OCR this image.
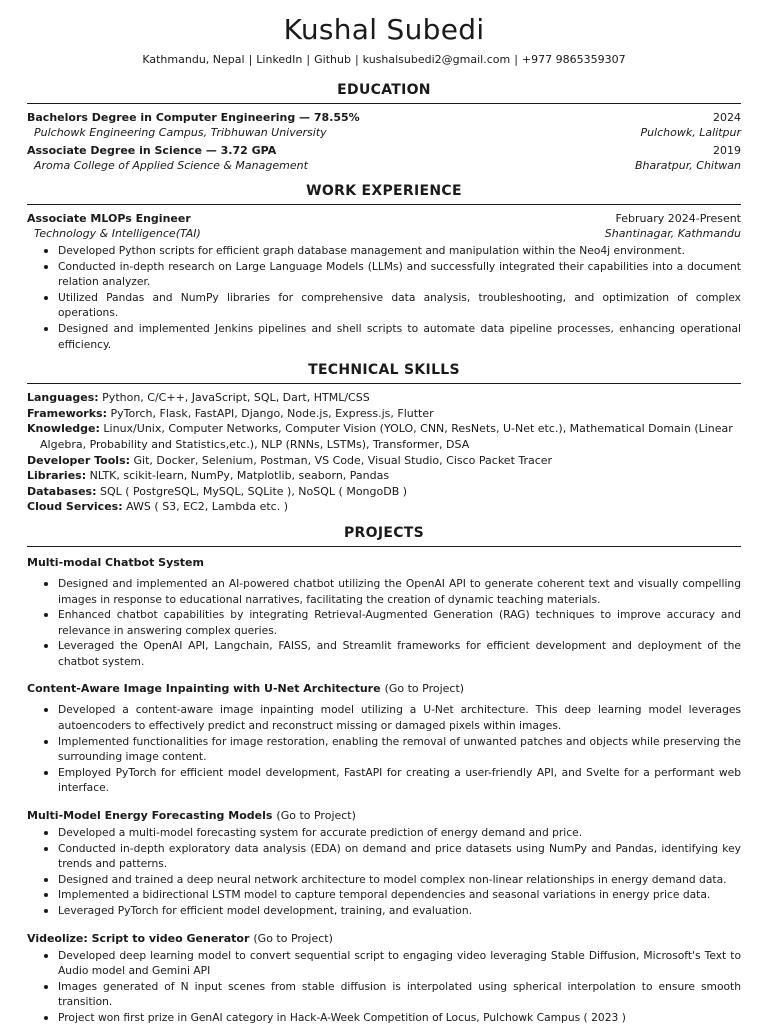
Kushal Subedi
Kathmandu, Nepal | LinkedIn | Github | kushalsubedi2@gmail.com | +977 9865359307
EDUCATION
Bachelors Degree in Computer Engineering — 78.55%	2024
Pulchowk Engineering Campus, Tribhuwan University	Pulchowk, Lalitpur
Associate Degree in Science — 3.72 GPA	2019
Aroma College of Applied Science & Management	Bharatpur, Chitwan
WORK EXPERIENCE
Associate MLOPs Engineer	February 2024-Present
Technology & Intelligence(TAI)	Shantinagar, Kathmandu
Developed Python scripts for efficient graph database management and manipulation within the Neo4j environment.
Conducted in-depth research on Large Language Models (LLMs) and successfully integrated their capabilities into a document relation analyzer.
Utilized Pandas and NumPy libraries for comprehensive data analysis, troubleshooting, and optimization of complex operations.
Designed and implemented Jenkins pipelines and shell scripts to automate data pipeline processes, enhancing operational efficiency.
TECHNICAL SKILLS
Languages: Python, C/C++, JavaScript, SQL, Dart, HTML/CSS
Frameworks: PyTorch, Flask, FastAPI, Django, Node.js, Express.js, Flutter
Knowledge: Linux/Unix, Computer Networks, Computer Vision (YOLO, CNN, ResNets, U-Net etc.), Mathematical Domain (Linear Algebra, Probability and Statistics,etc.), NLP (RNNs, LSTMs), Transformer, DSA
Developer Tools: Git, Docker, Selenium, Postman, VS Code, Visual Studio, Cisco Packet Tracer
Libraries: NLTK, scikit-learn, NumPy, Matplotlib, seaborn, Pandas
Databases: SQL ( PostgreSQL, MySQL, SQLite ), NoSQL ( MongoDB )
Cloud Services: AWS ( S3, EC2, Lambda etc. )
PROJECTS
Multi-modal Chatbot System
Designed and implemented an AI-powered chatbot utilizing the OpenAI API to generate coherent text and visually compelling images in response to educational narratives, facilitating the creation of dynamic teaching materials.
Enhanced chatbot capabilities by integrating Retrieval-Augmented Generation (RAG) techniques to improve accuracy and relevance in answering complex queries.
Leveraged the OpenAI API, Langchain, FAISS, and Streamlit frameworks for efficient development and deployment of the chatbot system.
Content-Aware Image Inpainting with U-Net Architecture (Go to Project)
Developed a content-aware image inpainting model utilizing a U-Net architecture. This deep learning model leverages autoencoders to effectively predict and reconstruct missing or damaged pixels within images.
Implemented functionalities for image restoration, enabling the removal of unwanted patches and objects while preserving the surrounding image content.
Employed PyTorch for efficient model development, FastAPI for creating a user-friendly API, and Svelte for a performant web interface.
Multi-Model Energy Forecasting Models (Go to Project)
Developed a multi-model forecasting system for accurate prediction of energy demand and price.
Conducted in-depth exploratory data analysis (EDA) on demand and price datasets using NumPy and Pandas, identifying key trends and patterns.
Designed and trained a deep neural network architecture to model complex non-linear relationships in energy demand data.
Implemented a bidirectional LSTM model to capture temporal dependencies and seasonal variations in energy price data.
Leveraged PyTorch for efficient model development, training, and evaluation.
Videolize: Script to video Generator (Go to Project)
Developed deep learning model to convert sequential script to engaging video leveraging Stable Diffusion, Microsoft's Text to Audio model and Gemini API
Images generated of N input scenes from stable diffusion is interpolated using spherical interpolation to ensure smooth transition.
Project won first prize in GenAI category in Hack-A-Week Competition of Locus, Pulchowk Campus ( 2023 )
